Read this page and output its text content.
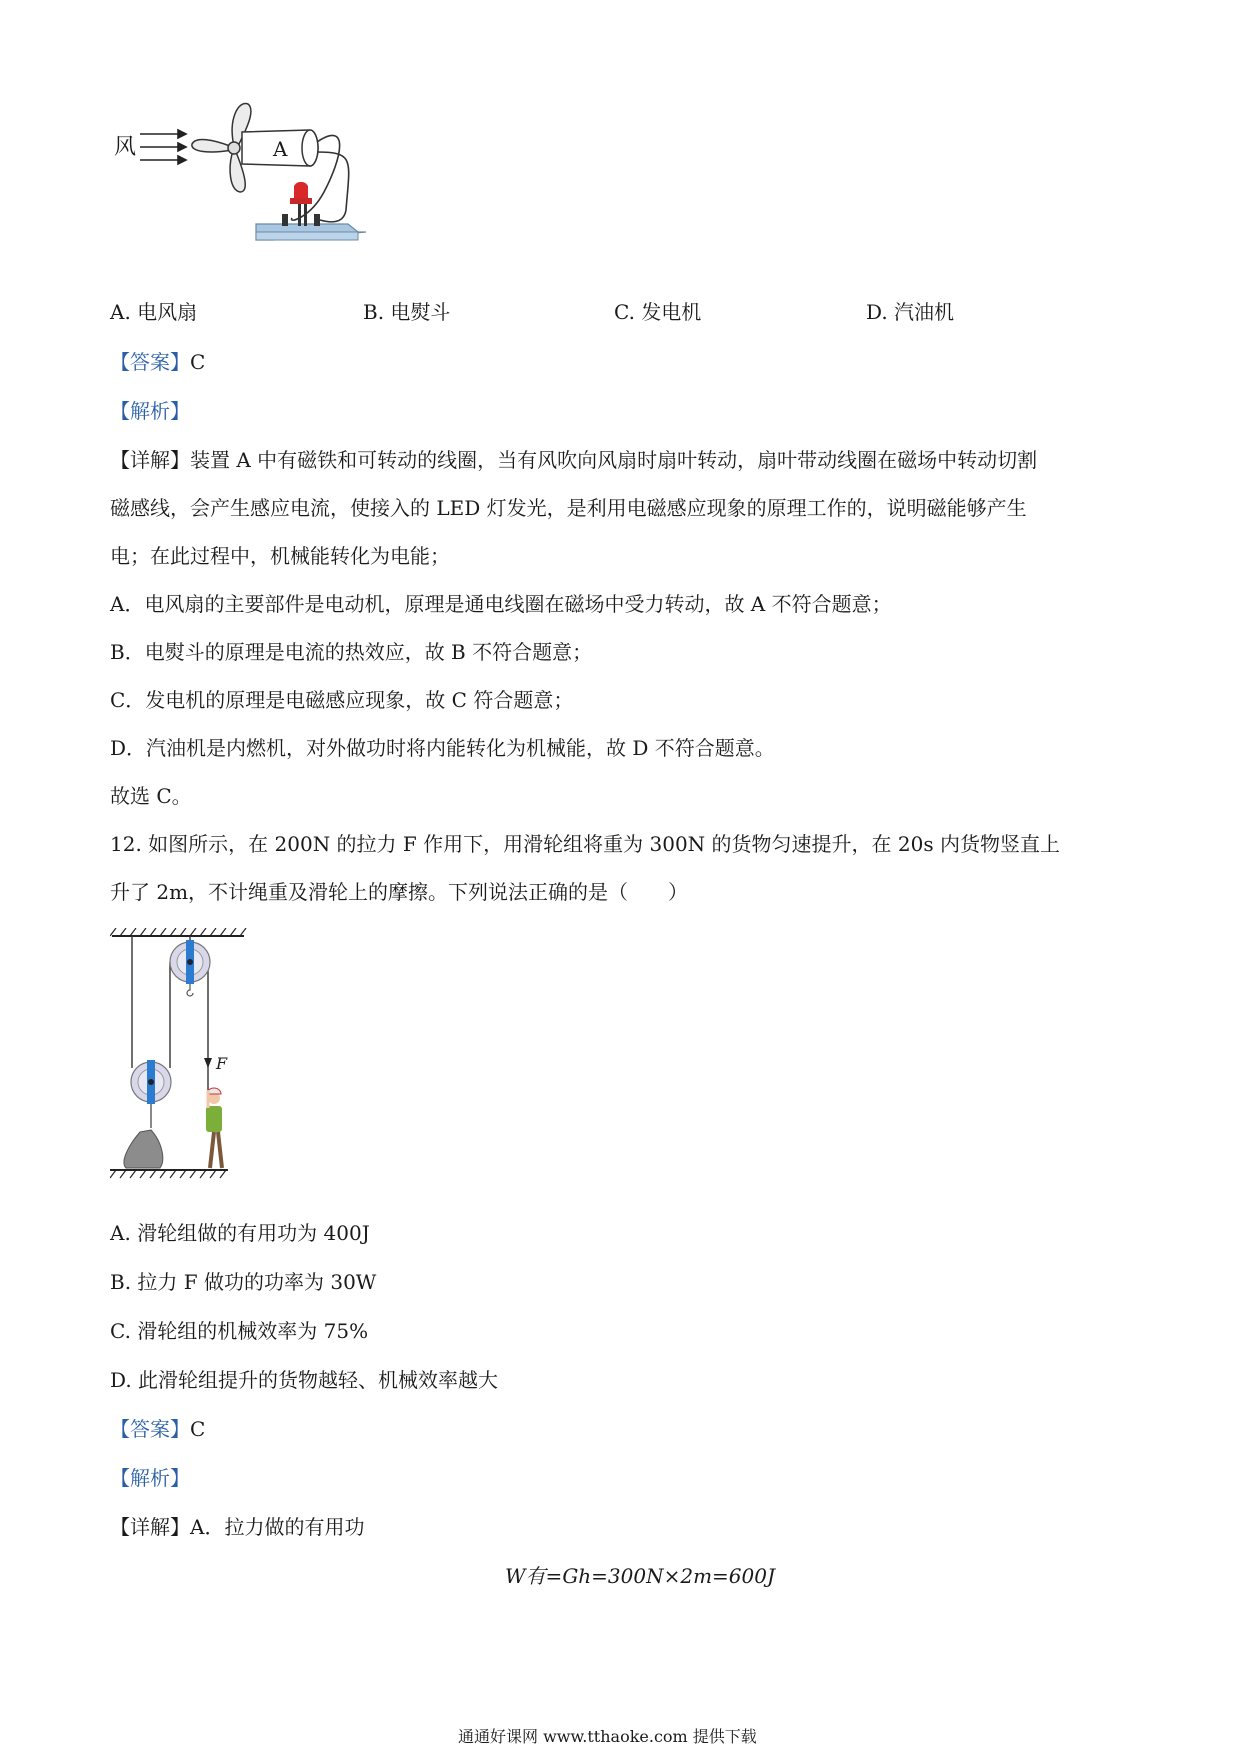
风	A
A. 电风扇	B. 电熨斗	C. 发电机	D. 汽油机
【答案】C
【解析】
【详解】装置 A 中有磁铁和可转动的线圈，当有风吹向风扇时扇叶转动，扇叶带动线圈在磁场中转动切割
磁感线，会产生感应电流，使接入的 LED 灯发光，是利用电磁感应现象的原理工作的，说明磁能够产生
电；在此过程中，机械能转化为电能；
A．电风扇的主要部件是电动机，原理是通电线圈在磁场中受力转动，故 A 不符合题意；
B．电熨斗的原理是电流的热效应，故 B 不符合题意；
C．发电机的原理是电磁感应现象，故 C 符合题意；
D．汽油机是内燃机，对外做功时将内能转化为机械能，故 D 不符合题意。
故选 C。
12. 如图所示，在 200N 的拉力 F 作用下，用滑轮组将重为 300N 的货物匀速提升，在 20s 内货物竖直上
升了 2m，不计绳重及滑轮上的摩擦。下列说法正确的是（　　）
F
A. 滑轮组做的有用功为 400J
B. 拉力 F 做功的功率为 30W
C. 滑轮组的机械效率为 75%
D. 此滑轮组提升的货物越轻、机械效率越大
【答案】C
【解析】
【详解】A．拉力做的有用功
W有=Gh=300N×2m=600J
通通好课网 www.tthaoke.com 提供下载
